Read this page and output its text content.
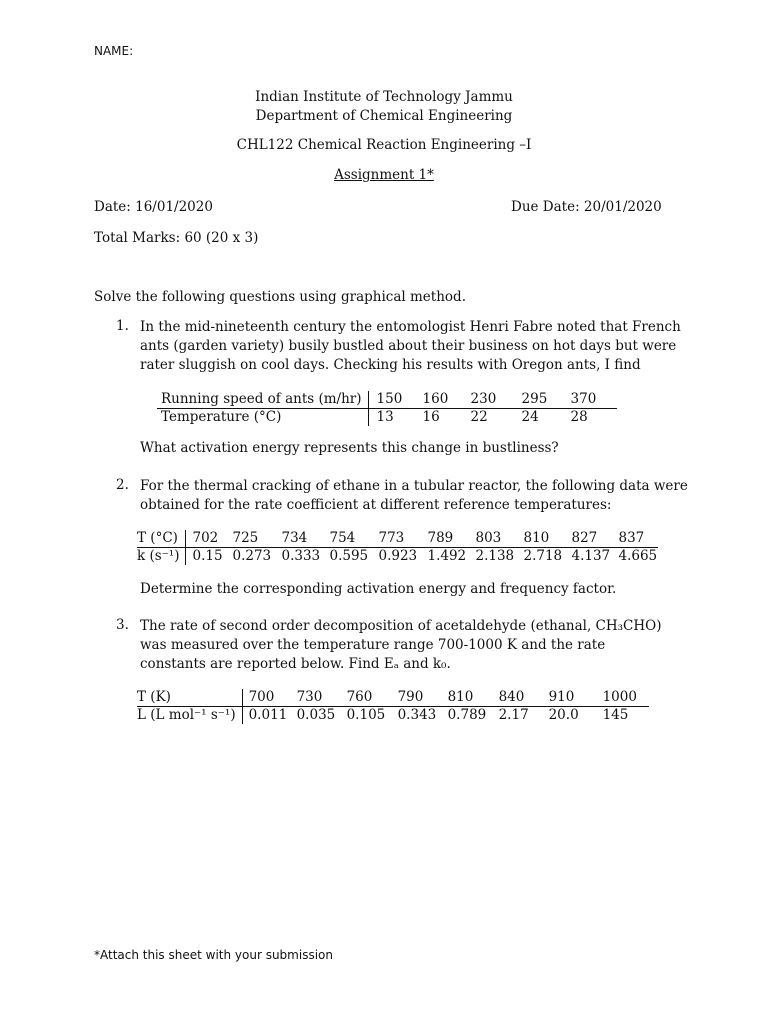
NAME:
Indian Institute of Technology Jammu
Department of Chemical Engineering
CHL122 Chemical Reaction Engineering –I
Assignment 1*
Date: 16/01/2020	Due Date: 20/01/2020
Total Marks: 60 (20 x 3)
Solve the following questions using graphical method.
1. In the mid-nineteenth century the entomologist Henri Fabre noted that French ants (garden variety) busily bustled about their business on hot days but were rater sluggish on cool days. Checking his results with Oregon ants, I find
Running speed of ants (m/hr)	150	160	230	295	370
Temperature (°C)	13	16	22	24	28
What activation energy represents this change in bustliness?
2. For the thermal cracking of ethane in a tubular reactor, the following data were obtained for the rate coefficient at different reference temperatures:
T (°C)	702	725	734	754	773	789	803	810	827	837
k (s⁻¹)	0.15	0.273	0.333	0.595	0.923	1.492	2.138	2.718	4.137	4.665
Determine the corresponding activation energy and frequency factor.
3. The rate of second order decomposition of acetaldehyde (ethanal, CH₃CHO) was measured over the temperature range 700-1000 K and the rate constants are reported below. Find Eₐ and k₀.
T (K)	700	730	760	790	810	840	910	1000
L (L mol⁻¹ s⁻¹)	0.011	0.035	0.105	0.343	0.789	2.17	20.0	145
*Attach this sheet with your submission
